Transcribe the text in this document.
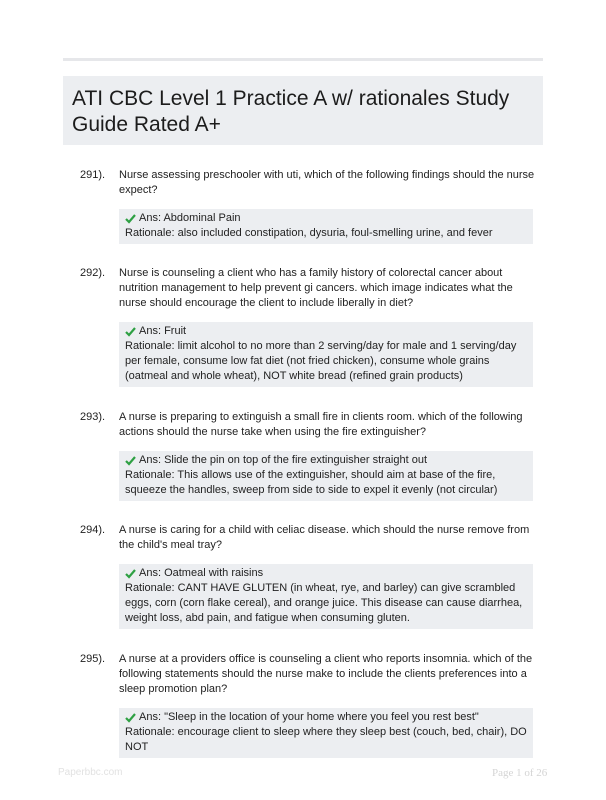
ATI CBC Level 1 Practice A w/ rationales Study Guide Rated A+
291). Nurse assessing preschooler with uti, which of the following findings should the nurse expect?
Ans: Abdominal Pain
Rationale: also included constipation, dysuria, foul-smelling urine, and fever
292). Nurse is counseling a client who has a family history of colorectal cancer about nutrition management to help prevent gi cancers. which image indicates what the nurse should encourage the client to include liberally in diet?
Ans: Fruit
Rationale: limit alcohol to no more than 2 serving/day for male and 1 serving/day per female, consume low fat diet (not fried chicken), consume whole grains (oatmeal and whole wheat), NOT white bread (refined grain products)
293). A nurse is preparing to extinguish a small fire in clients room. which of the following actions should the nurse take when using the fire extinguisher?
Ans: Slide the pin on top of the fire extinguisher straight out
Rationale: This allows use of the extinguisher, should aim at base of the fire, squeeze the handles, sweep from side to side to expel it evenly (not circular)
294). A nurse is caring for a child with celiac disease. which should the nurse remove from the child's meal tray?
Ans: Oatmeal with raisins
Rationale: CANT HAVE GLUTEN (in wheat, rye, and barley) can give scrambled eggs, corn (corn flake cereal), and orange juice. This disease can cause diarrhea, weight loss, abd pain, and fatigue when consuming gluten.
295). A nurse at a providers office is counseling a client who reports insomnia. which of the following statements should the nurse make to include the clients preferences into a sleep promotion plan?
Ans: "Sleep in the location of your home where you feel you rest best"
Rationale: encourage client to sleep where they sleep best (couch, bed, chair), DO NOT
Paperbbc.com	Page 1 of 26
